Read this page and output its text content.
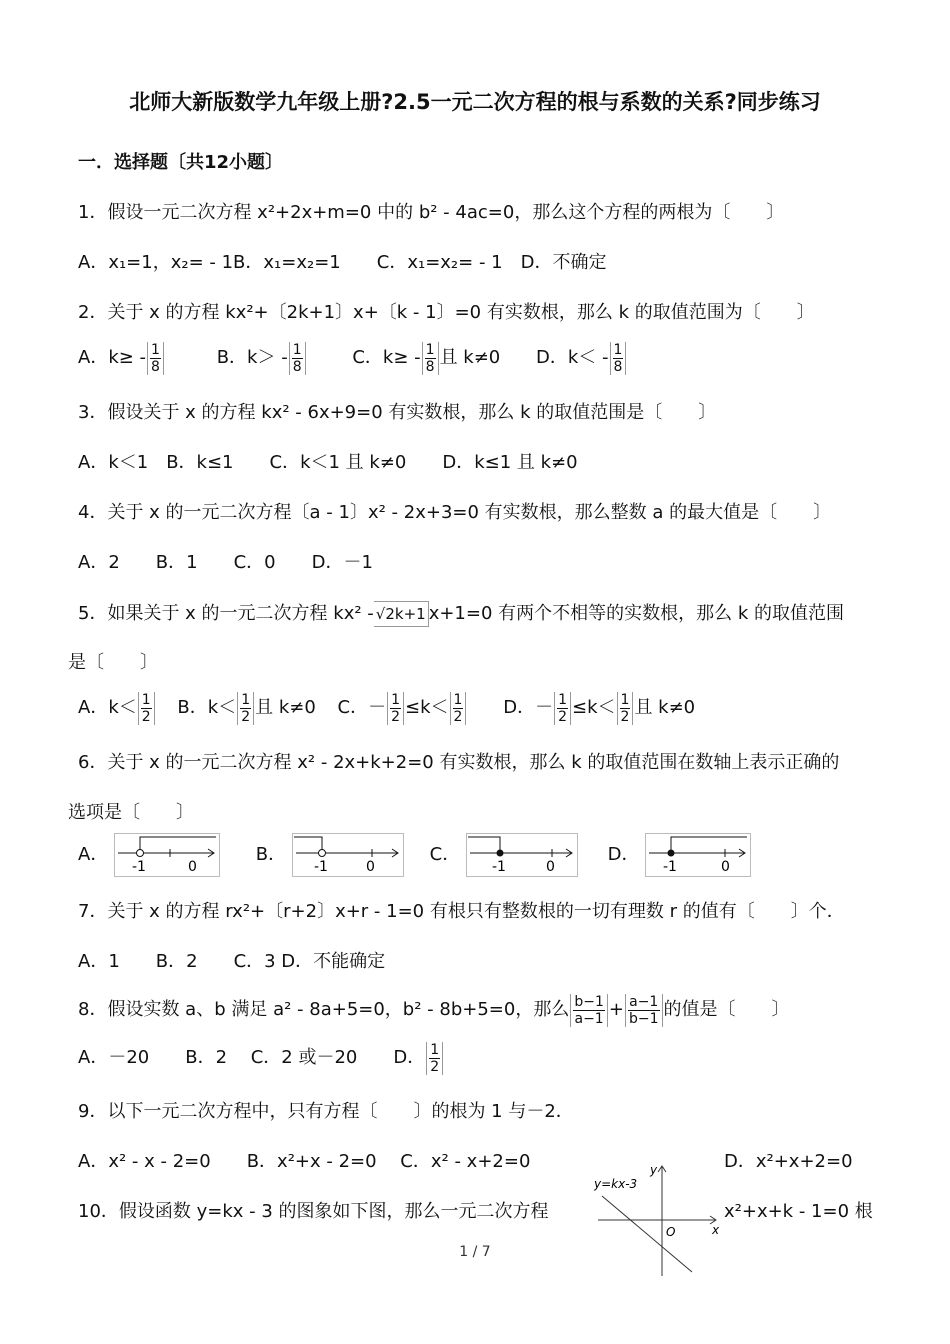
北师大新版数学九年级上册?2.5一元二次方程的根与系数的关系?同步练习
一．选择题〔共12小题〕
1．假设一元二次方程 x²+2x+m=0 中的 b² - 4ac=0，那么这个方程的两根为〔　　〕
A．x₁=1，x₂= - 1B．x₁=x₂=1　　C．x₁=x₂= - 1　D．不确定
2．关于 x 的方程 kx²+〔2k+1〕x+〔k - 1〕=0 有实数根，那么 k 的取值范围为〔　　〕
A．$k\ge - \frac{1}{8}$	B．$k> - \frac{1}{8}$	C．$k\ge - \frac{1}{8}$ 且 k≠0 D．$k< - \frac{1}{8}$
3．假设关于 x 的方程 kx² - 6x+9=0 有实数根，那么 k 的取值范围是〔　　〕
A．k＜1　B．k≤1　　C．k＜1 且 k≠0　　D．k≤1 且 k≠0
4．关于 x 的一元二次方程〔a - 1〕x² - 2x+3=0 有实数根，那么整数 a 的最大值是〔　　〕
A．2　　B．1　　C．0　　D．－1
5．如果关于 x 的一元二次方程 kx² - √2k+1 x+1=0 有两个不相等的实数根，那么 k 的取值范围
是〔　　〕
A．$k< \frac{1}{2}$ B．$k< \frac{1}{2}$ 且 k≠0 C．－ $\frac{1}{2} \le k< \frac{1}{2}$ D．－ $\frac{1}{2} \le k< \frac{1}{2}$ 且 k≠0
6．关于 x 的一元二次方程 x² - 2x+k+2=0 有实数根，那么 k 的取值范围在数轴上表示正确的
选项是〔　　〕
A．
-1	0
B．
-1	0
C．
-1	0
D．
-1	0
7．关于 x 的方程 rx²+〔r+2〕x+r - 1=0 有根只有整数根的一切有理数 r 的值有〔　　〕个．
A．1　　B．2　　C．3 D．不能确定
8．假设实数 a、b 满足 a² - 8a+5=0，b² - 8b+5=0，那么 $\frac{b-1}{a-1} + \frac{a-1}{b-1}$ 的值是〔　　〕
A．－20　　B．2　 C．2 或－20　　D． $\frac{1}{2}$
9．以下一元二次方程中，只有方程〔　　〕的根为 1 与－2．
A．x² - x - 2=0　　B．x²+x - 2=0　 C．x² - x+2=0	D．x²+x+2=0
10．假设函数 y=kx - 3 的图象如下图，那么一元二次方程	x²+x+k - 1=0 根
y=kx-3
y
x
O
1 / 7
